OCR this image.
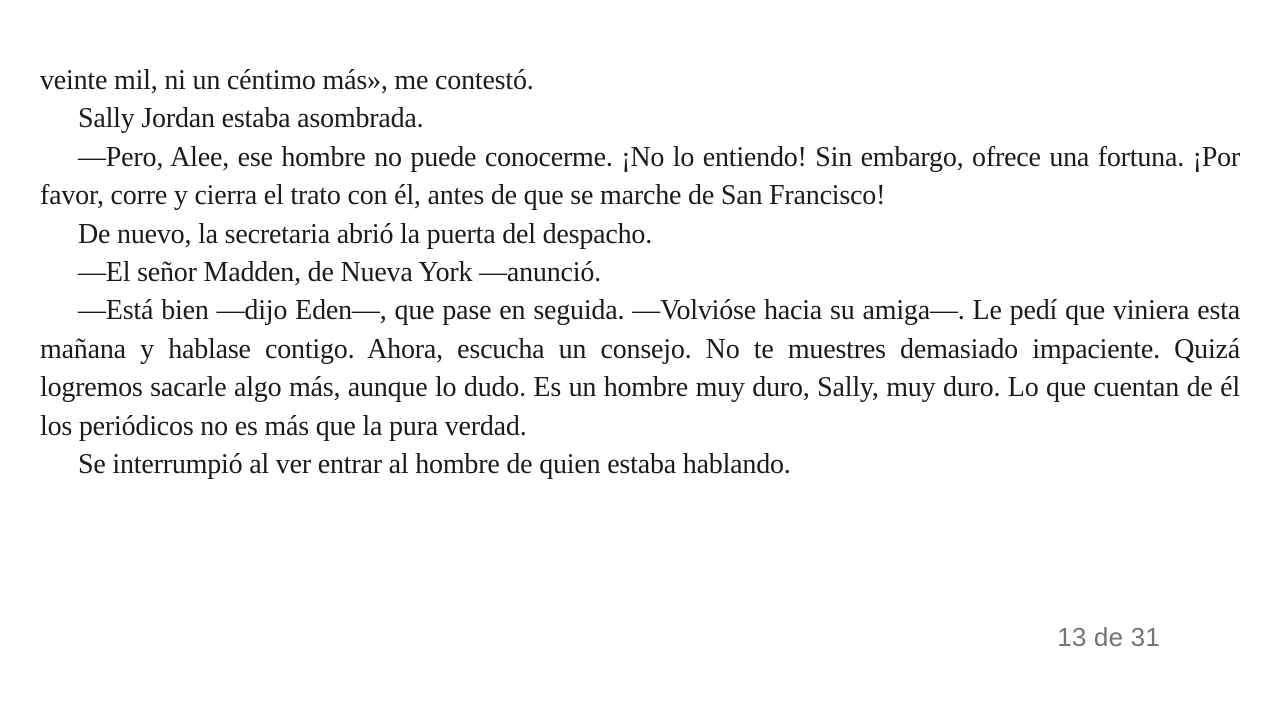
veinte mil, ni un céntimo más», me contestó.

Sally Jordan estaba asombrada.

—Pero, Alee, ese hombre no puede conocerme. ¡No lo entiendo! Sin embargo, ofrece una fortuna. ¡Por favor, corre y cierra el trato con él, antes de que se marche de San Francisco!

De nuevo, la secretaria abrió la puerta del despacho.

—El señor Madden, de Nueva York —anunció.

—Está bien —dijo Eden—, que pase en seguida. —Volvióse hacia su amiga—. Le pedí que viniera esta mañana y hablase contigo. Ahora, escucha un consejo. No te muestres demasiado impaciente. Quizá logremos sacarle algo más, aunque lo dudo. Es un hombre muy duro, Sally, muy duro. Lo que cuentan de él los periódicos no es más que la pura verdad.

Se interrumpió al ver entrar al hombre de quien estaba hablando.

13 de 31
